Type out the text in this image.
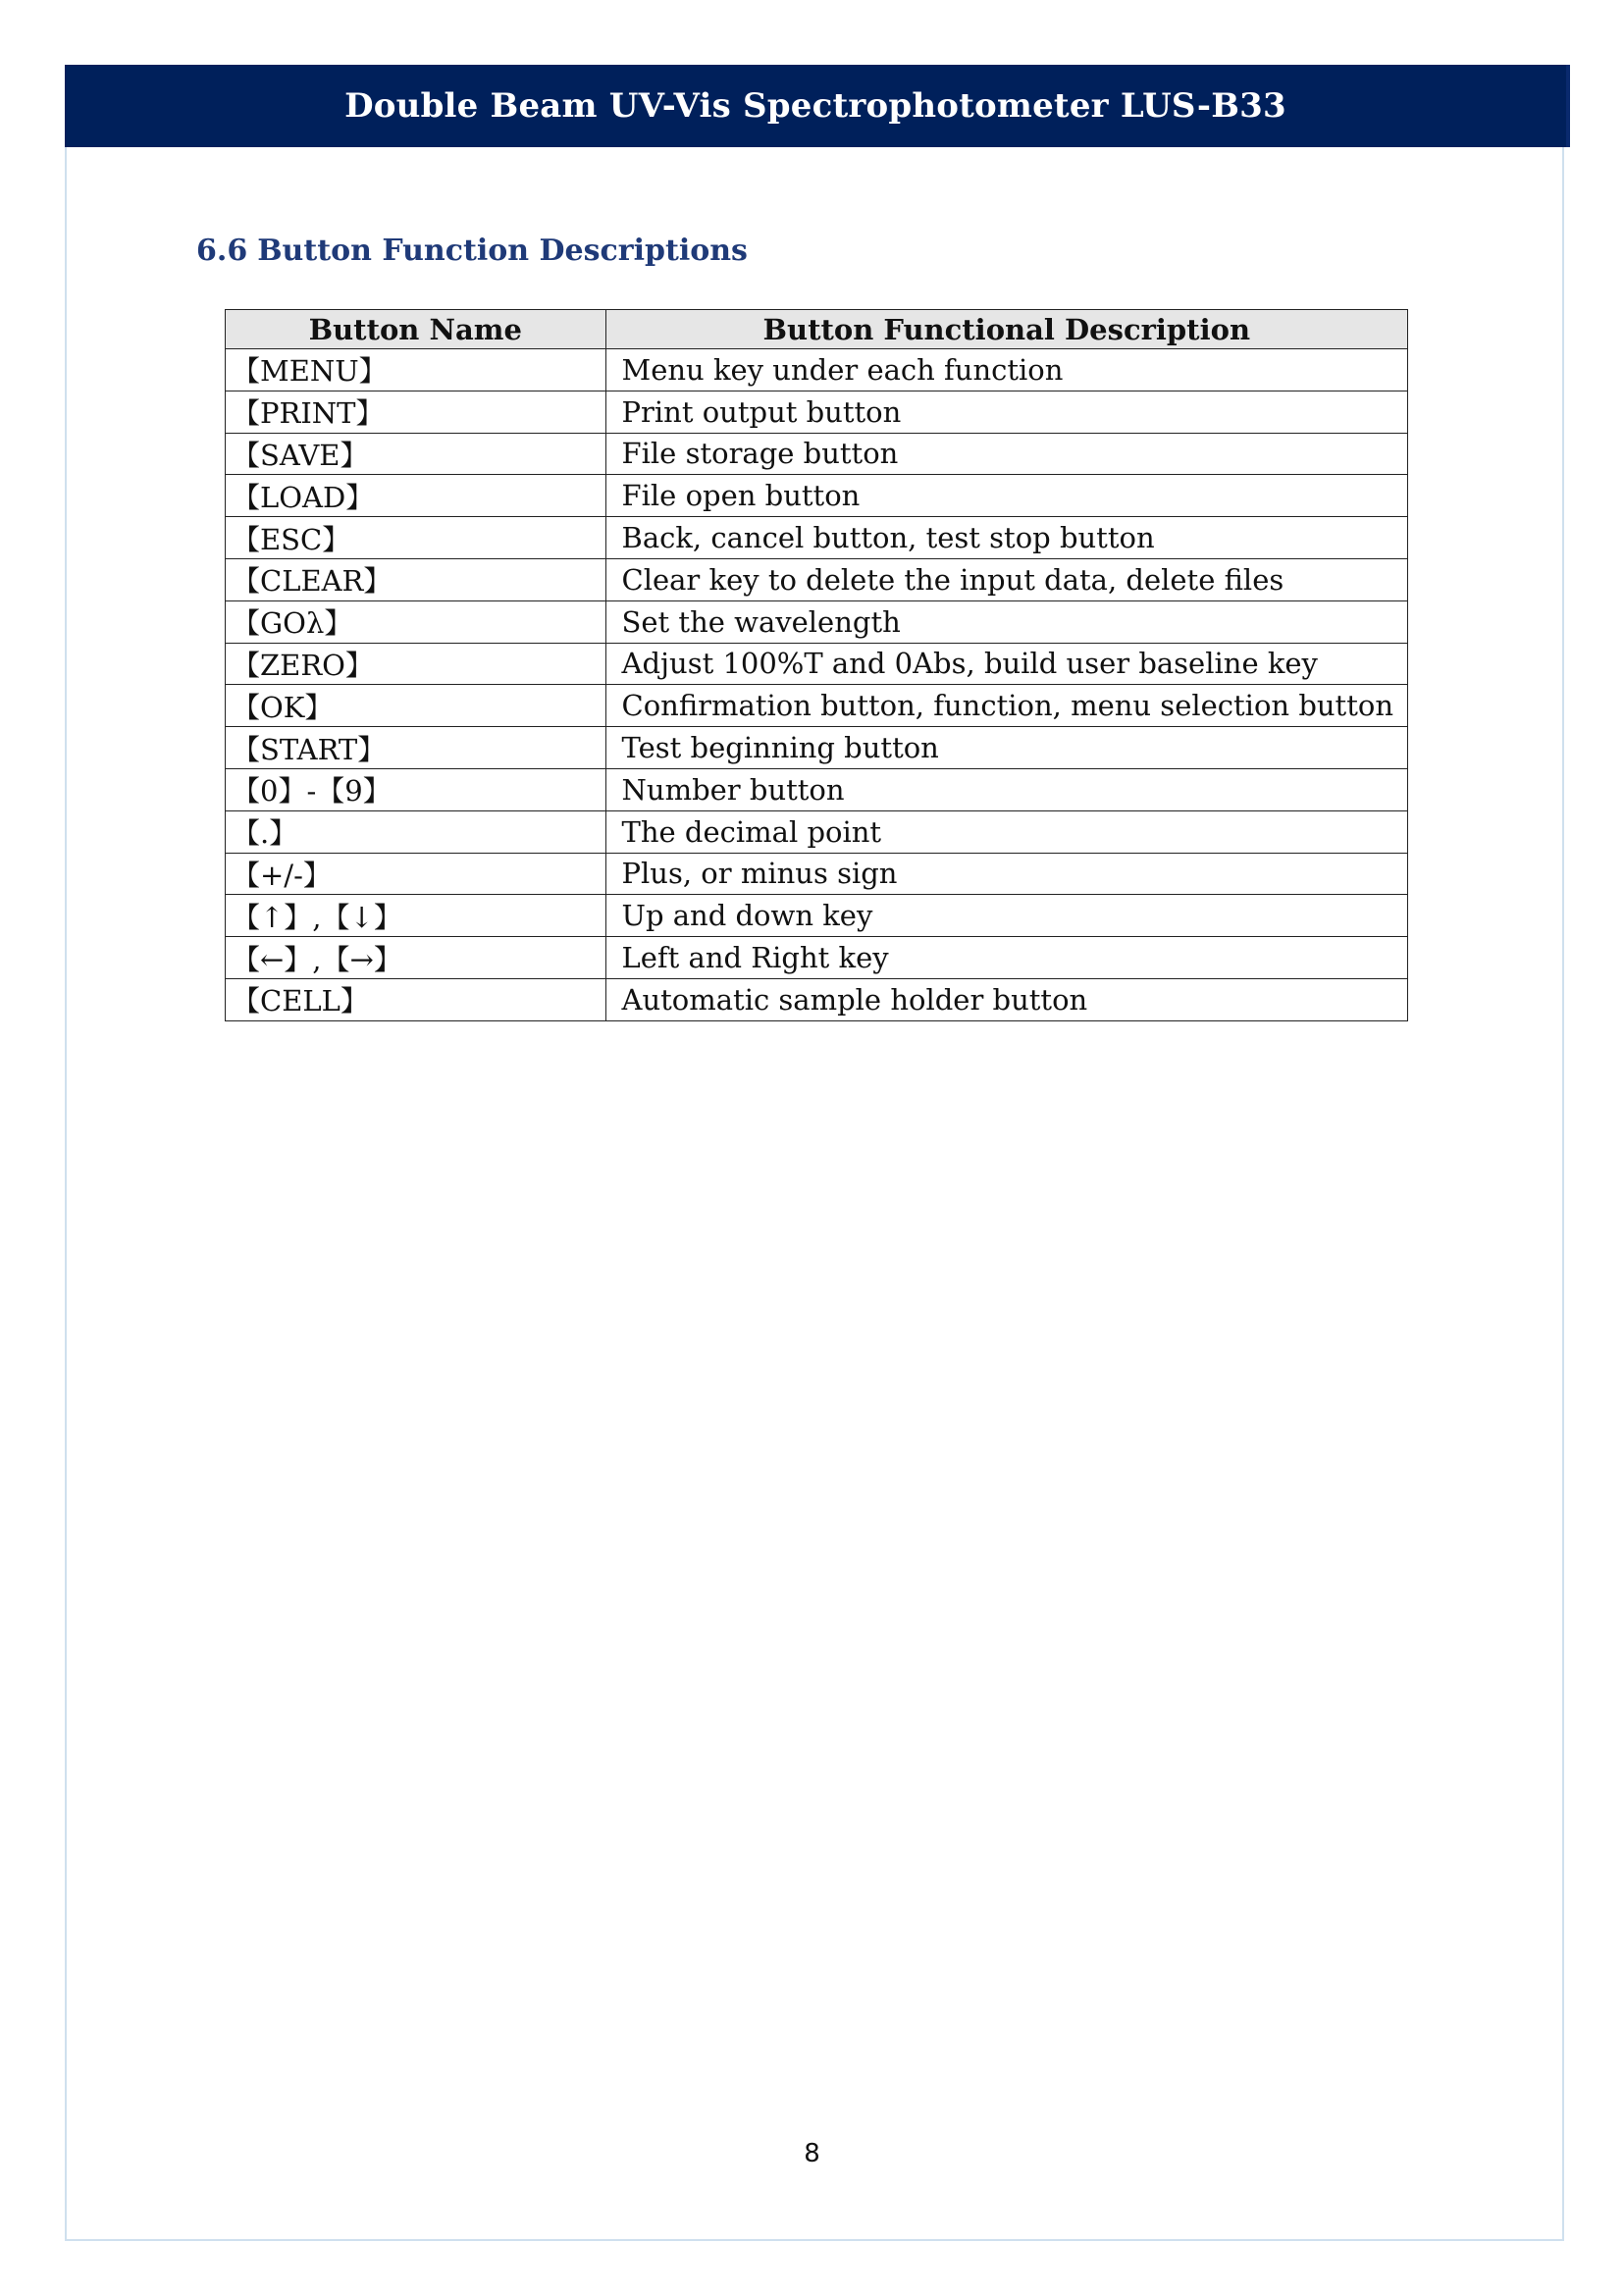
Double Beam UV-Vis Spectrophotometer LUS-B33
6.6 Button Function Descriptions
Button Name	Button Functional Description
【MENU】	Menu key under each function
【PRINT】	Print output button
【SAVE】	File storage button
【LOAD】	File open button
【ESC】	Back, cancel button, test stop button
【CLEAR】	Clear key to delete the input data, delete files
【GOλ】	Set the wavelength
【ZERO】	Adjust 100%T and 0Abs, build user baseline key
【OK】	Confirmation button, function, menu selection button
【START】	Test beginning button
【0】-【9】	Number button
【.】	The decimal point
【+/-】	Plus, or minus sign
【↑】,【↓】	Up and down key
【←】,【→】	Left and Right key
【CELL】	Automatic sample holder button
8
